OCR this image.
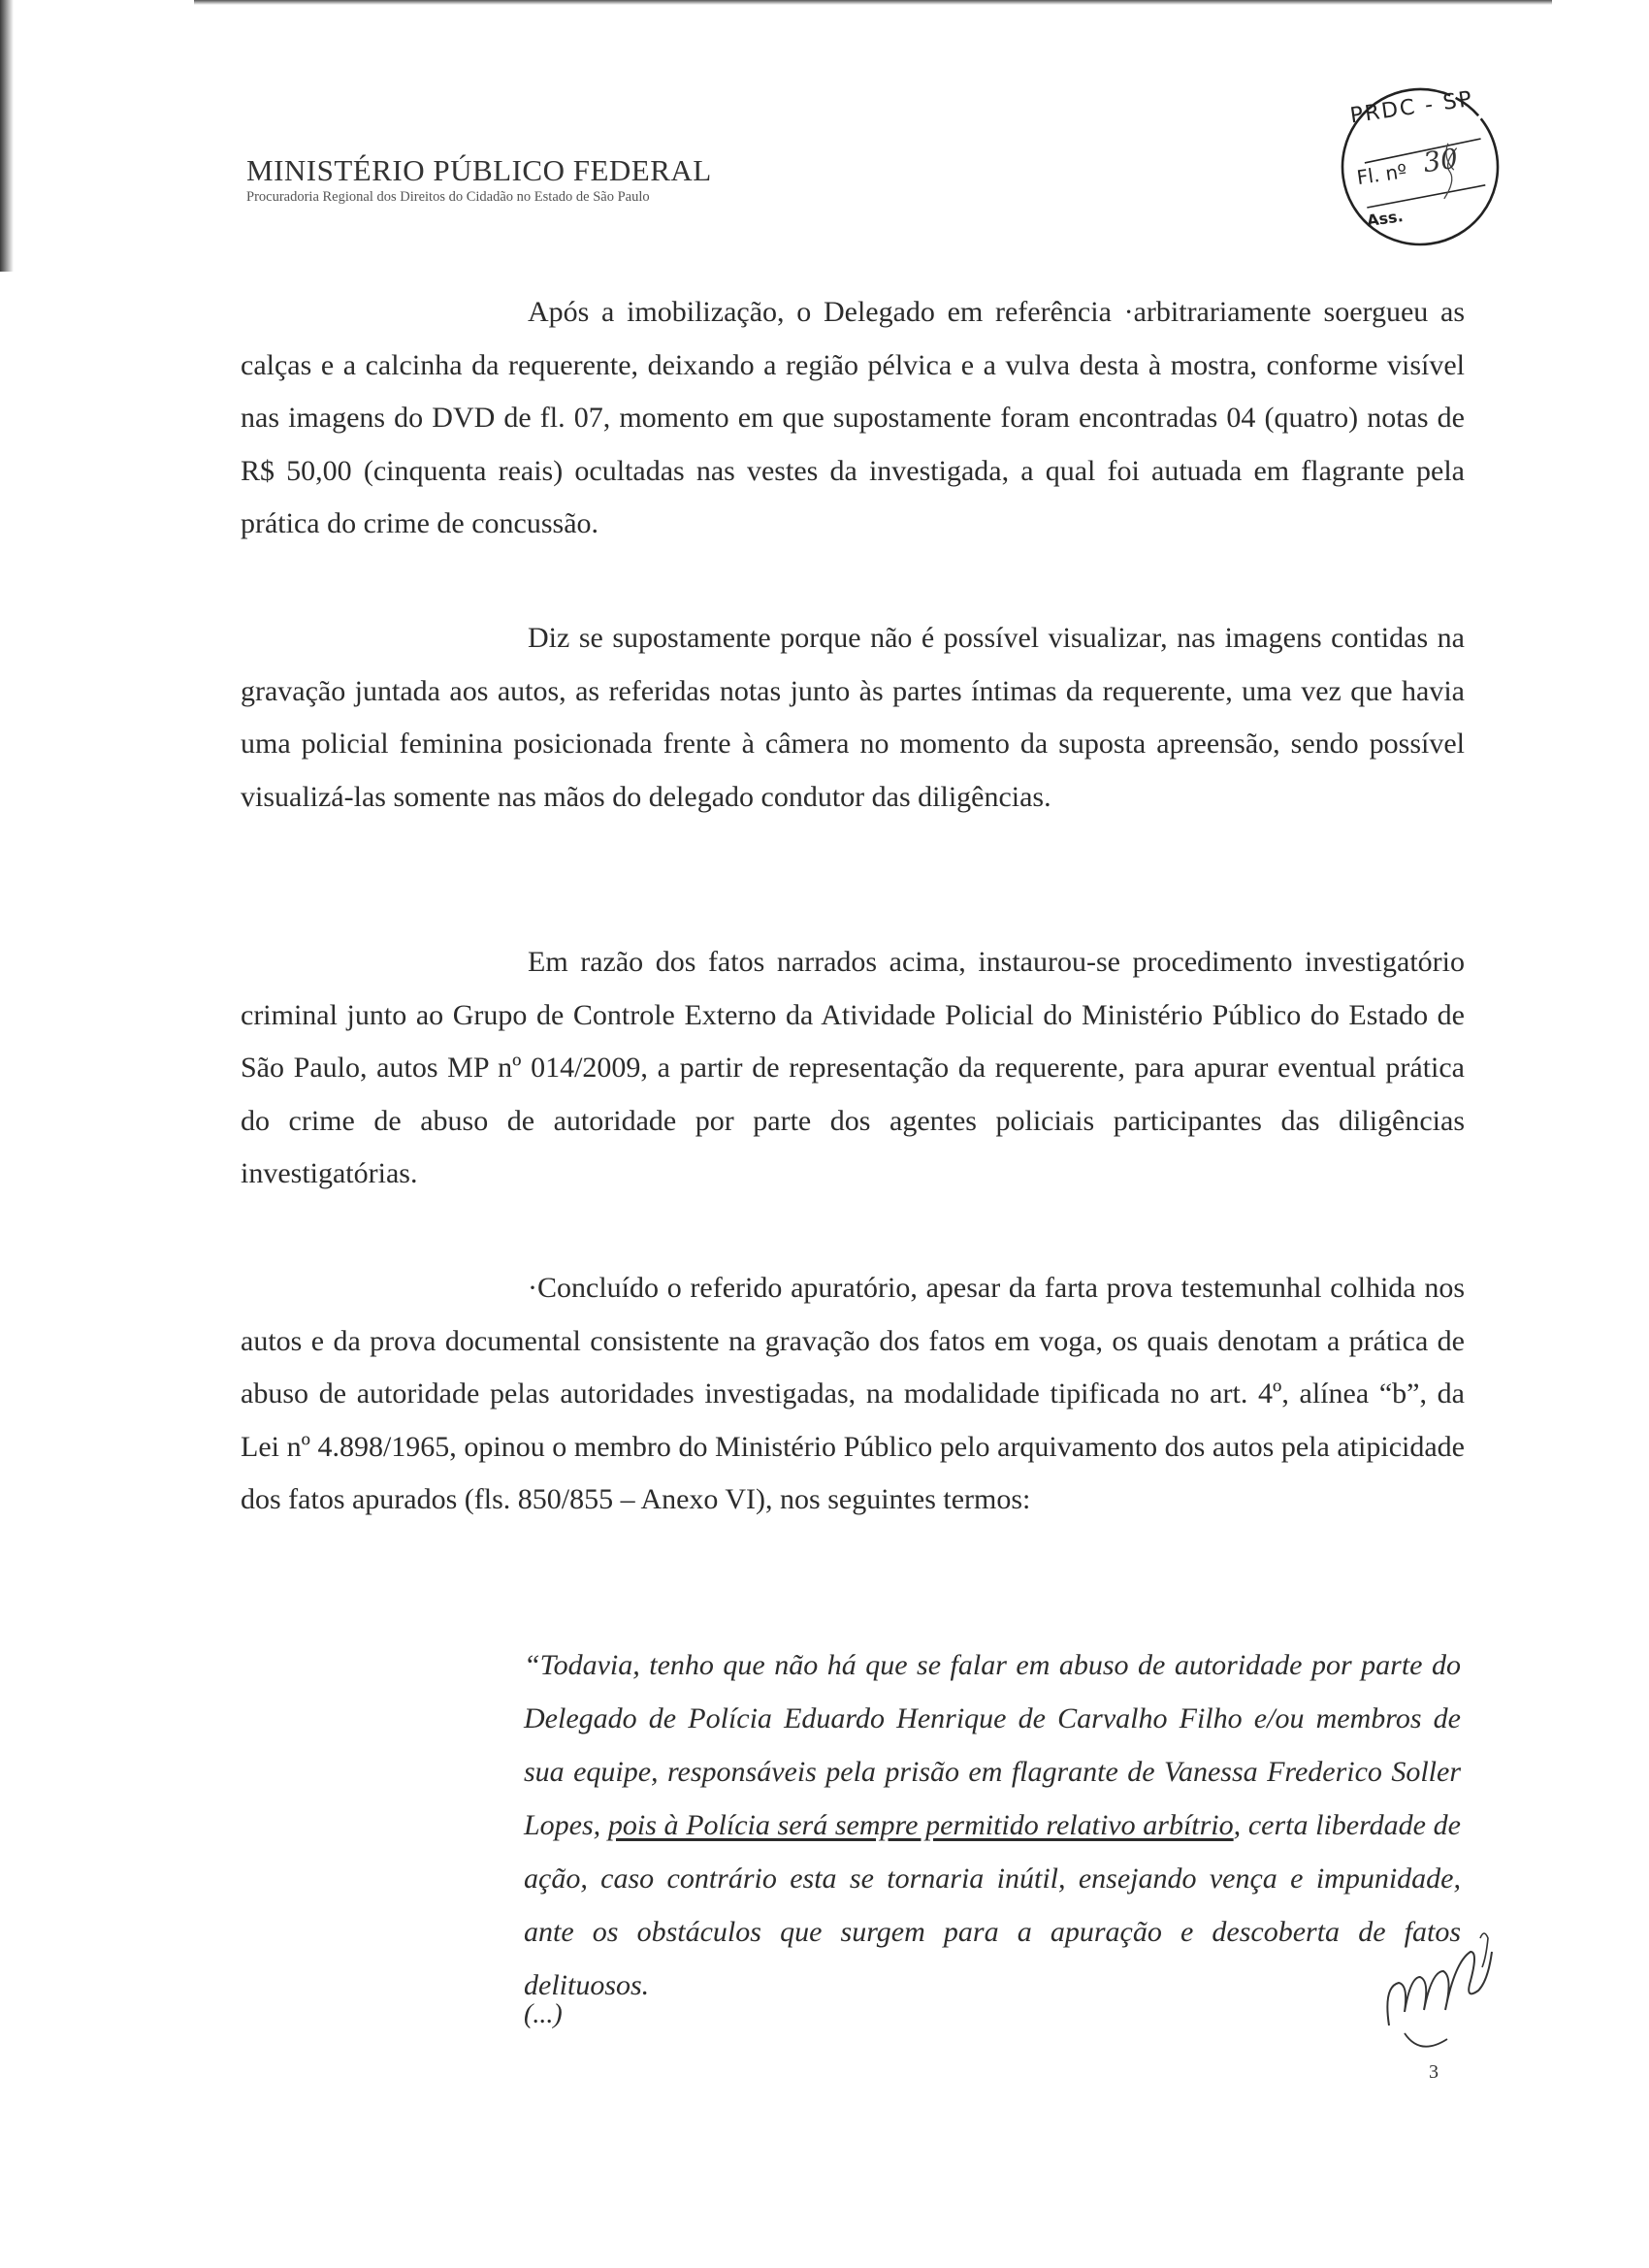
MINISTÉRIO PÚBLICO FEDERAL
Procuradoria Regional dos Direitos do Cidadão no Estado de São Paulo
PRDC - SP
Fl. nº 30
Ass.
Após a imobilização, o Delegado em referência ·arbitrariamente soergueu as calças e a calcinha da requerente, deixando a região pélvica e a vulva desta à mostra, conforme visível nas imagens do DVD de fl. 07, momento em que supostamente foram encontradas 04 (quatro) notas de R$ 50,00 (cinquenta reais) ocultadas nas vestes da investigada, a qual foi autuada em flagrante pela prática do crime de concussão.
Diz se supostamente porque não é possível visualizar, nas imagens contidas na gravação juntada aos autos, as referidas notas junto às partes íntimas da requerente, uma vez que havia uma policial feminina posicionada frente à câmera no momento da suposta apreensão, sendo possível visualizá-las somente nas mãos do delegado condutor das diligências.
Em razão dos fatos narrados acima, instaurou-se procedimento investigatório criminal junto ao Grupo de Controle Externo da Atividade Policial do Ministério Público do Estado de São Paulo, autos MP nº 014/2009, a partir de representação da requerente, para apurar eventual prática do crime de abuso de autoridade por parte dos agentes policiais participantes das diligências investigatórias.
·Concluído o referido apuratório, apesar da farta prova testemunhal colhida nos autos e da prova documental consistente na gravação dos fatos em voga, os quais denotam a prática de abuso de autoridade pelas autoridades investigadas, na modalidade tipificada no art. 4º, alínea “b”, da Lei nº 4.898/1965, opinou o membro do Ministério Público pelo arquivamento dos autos pela atipicidade dos fatos apurados (fls. 850/855 – Anexo VI), nos seguintes termos:
“Todavia, tenho que não há que se falar em abuso de autoridade por parte do Delegado de Polícia Eduardo Henrique de Carvalho Filho e/ou membros de sua equipe, responsáveis pela prisão em flagrante de Vanessa Frederico Soller Lopes, pois à Polícia será sempre permitido relativo arbítrio, certa liberdade de ação, caso contrário esta se tornaria inútil, ensejando vença e impunidade, ante os obstáculos que surgem para a apuração e descoberta de fatos delituosos.
(...)
3
